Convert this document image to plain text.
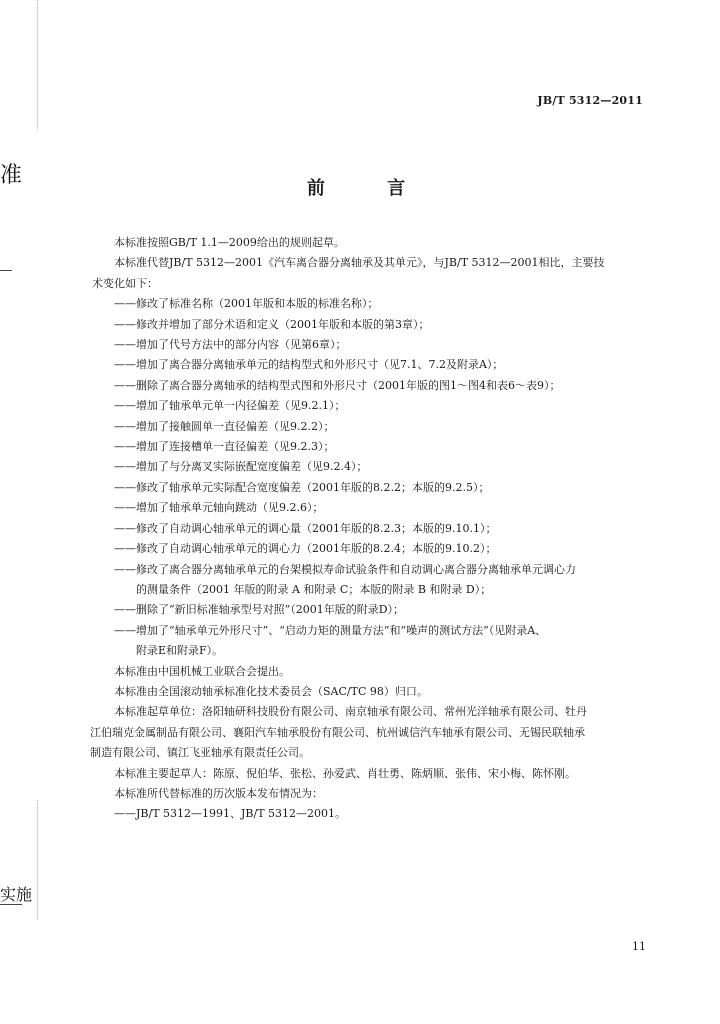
准
实施
JB/T 5312—2011
前 言

本标准按照GB/T 1.1—2009给出的规则起草。

本标准代替JB/T 5312—2001《汽车离合器分离轴承及其单元》，与JB/T 5312—2001相比，主要技

术变化如下：

——修改了标准名称（2001年版和本版的标准名称）；

——修改并增加了部分术语和定义（2001年版和本版的第3章）；

——增加了代号方法中的部分内容（见第6章）；

——增加了离合器分离轴承单元的结构型式和外形尺寸（见7.1、7.2及附录A）；

——删除了离合器分离轴承的结构型式图和外形尺寸（2001年版的图1～图4和表6～表9）；

——增加了轴承单元单一内径偏差（见9.2.1）；

——增加了接触圆单一直径偏差（见9.2.2）；

——增加了连接槽单一直径偏差（见9.2.3）；

——增加了与分离叉实际嵌配宽度偏差（见9.2.4）；

——修改了轴承单元实际配合宽度偏差（2001年版的8.2.2；本版的9.2.5）；

——增加了轴承单元轴向跳动（见9.2.6）；

——修改了自动调心轴承单元的调心量（2001年版的8.2.3；本版的9.10.1）；

——修改了自动调心轴承单元的调心力（2001年版的8.2.4；本版的9.10.2）；

——修改了离合器分离轴承单元的台架模拟寿命试验条件和自动调心离合器分离轴承单元调心力

的测量条件（2001 年版的附录 A 和附录 C；本版的附录 B 和附录 D）；

——删除了“新旧标准轴承型号对照”（2001年版的附录D）；

——增加了“轴承单元外形尺寸”、“启动力矩的测量方法”和“噪声的测试方法”（见附录A、

附录E和附录F）。

本标准由中国机械工业联合会提出。

本标准由全国滚动轴承标准化技术委员会（SAC/TC 98）归口。

本标准起草单位：洛阳轴研科技股份有限公司、南京轴承有限公司、常州光洋轴承有限公司、牡丹

江伯瑞克金属制品有限公司、襄阳汽车轴承股份有限公司、杭州诚信汽车轴承有限公司、无锡民联轴承

制造有限公司、镇江飞亚轴承有限责任公司。

本标准主要起草人：陈原、倪伯华、张松、孙爱武、肖壮勇、陈炳顺、张伟、宋小梅、陈怀刚。

本标准所代替标准的历次版本发布情况为：

——JB/T 5312—1991、JB/T 5312—2001。

11
